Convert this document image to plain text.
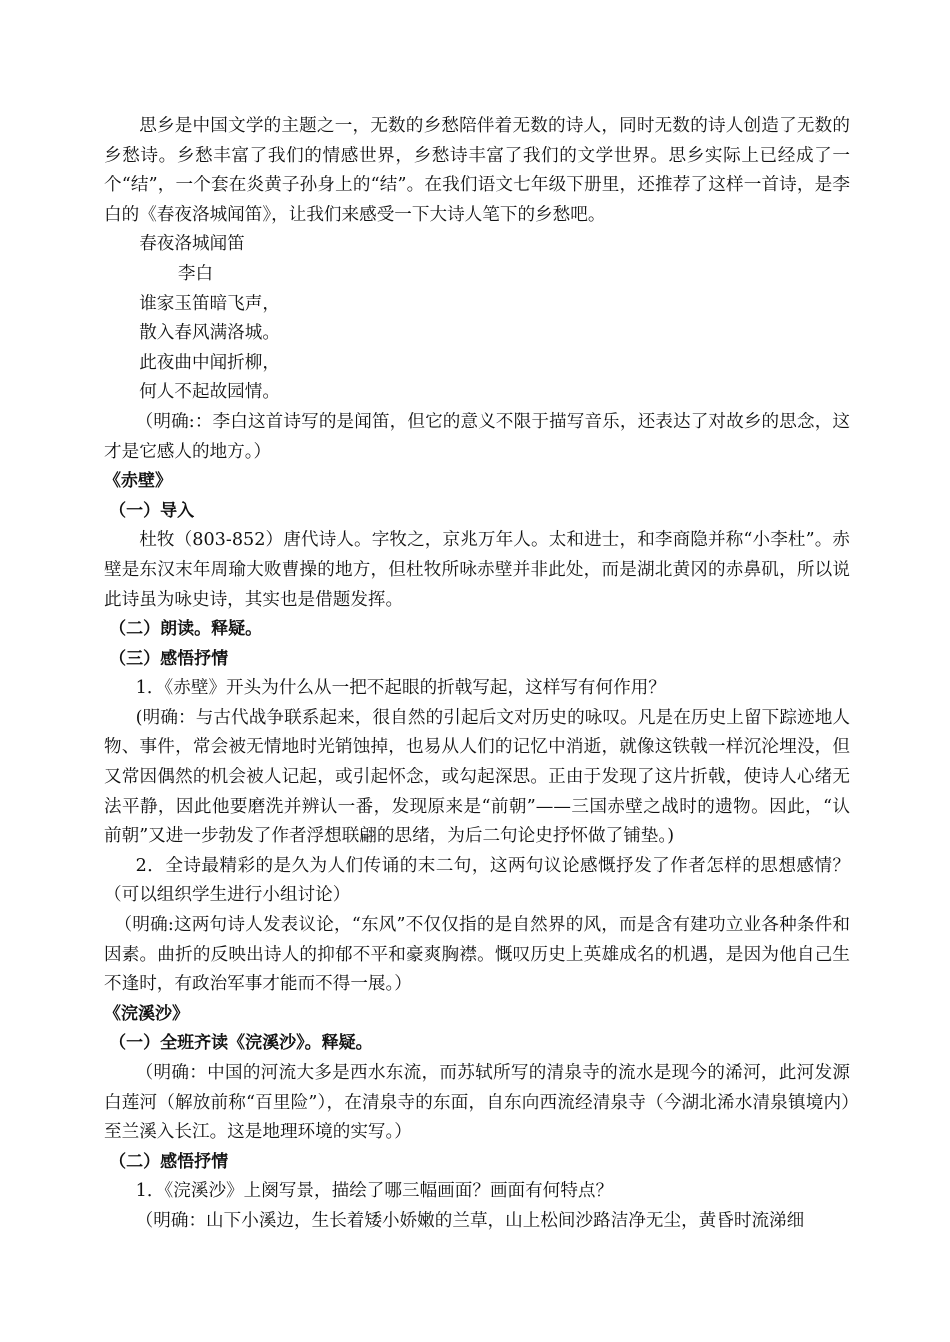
思乡是中国文学的主题之一，无数的乡愁陪伴着无数的诗人，同时无数的诗人创造了无数的乡愁诗。乡愁丰富了我们的情感世界，乡愁诗丰富了我们的文学世界。思乡实际上已经成了一个“结”，一个套在炎黄子孙身上的“结”。在我们语文七年级下册里，还推荐了这样一首诗，是李白的《春夜洛城闻笛》，让我们来感受一下大诗人笔下的乡愁吧。

春夜洛城闻笛

李白

谁家玉笛暗飞声，

散入春风满洛城。

此夜曲中闻折柳，

何人不起故园情。

（明确:：李白这首诗写的是闻笛，但它的意义不限于描写音乐，还表达了对故乡的思念，这才是它感人的地方。）

《赤壁》

（一）导入

杜牧（803-852）唐代诗人。字牧之，京兆万年人。太和进士，和李商隐并称“小李杜”。赤壁是东汉末年周瑜大败曹操的地方，但杜牧所咏赤壁并非此处，而是湖北黄冈的赤鼻矶，所以说此诗虽为咏史诗，其实也是借题发挥。

（二）朗读。释疑。

（三）感悟抒情

1．《赤壁》开头为什么从一把不起眼的折戟写起，这样写有何作用？

(明确：与古代战争联系起来，很自然的引起后文对历史的咏叹。凡是在历史上留下踪迹地人物、事件，常会被无情地时光销蚀掉，也易从人们的记忆中消逝，就像这铁戟一样沉沦埋没，但又常因偶然的机会被人记起，或引起怀念，或勾起深思。正由于发现了这片折戟，使诗人心绪无法平静，因此他要磨洗并辨认一番，发现原来是“前朝”——三国赤壁之战时的遗物。因此，“认前朝”又进一步勃发了作者浮想联翩的思绪，为后二句论史抒怀做了铺垫。)

2．全诗最精彩的是久为人们传诵的末二句，这两句议论感慨抒发了作者怎样的思想感情？ （可以组织学生进行小组讨论）

（明确:这两句诗人发表议论，“东风”不仅仅指的是自然界的风，而是含有建功立业各种条件和因素。曲折的反映出诗人的抑郁不平和豪爽胸襟。慨叹历史上英雄成名的机遇，是因为他自己生不逢时，有政治军事才能而不得一展。）

《浣溪沙》

（一）全班齐读《浣溪沙》。释疑。

（明确：中国的河流大多是西水东流，而苏轼所写的清泉寺的流水是现今的浠河，此河发源白莲河（解放前称“百里险”），在清泉寺的东面，自东向西流经清泉寺（今湖北浠水清泉镇境内）至兰溪入长江。这是地理环境的实写。）

（二）感悟抒情

1．《浣溪沙》上阕写景，描绘了哪三幅画面？画面有何特点？

（明确：山下小溪边，生长着矮小娇嫩的兰草，山上松间沙路洁净无尘，黄昏时流涕细
